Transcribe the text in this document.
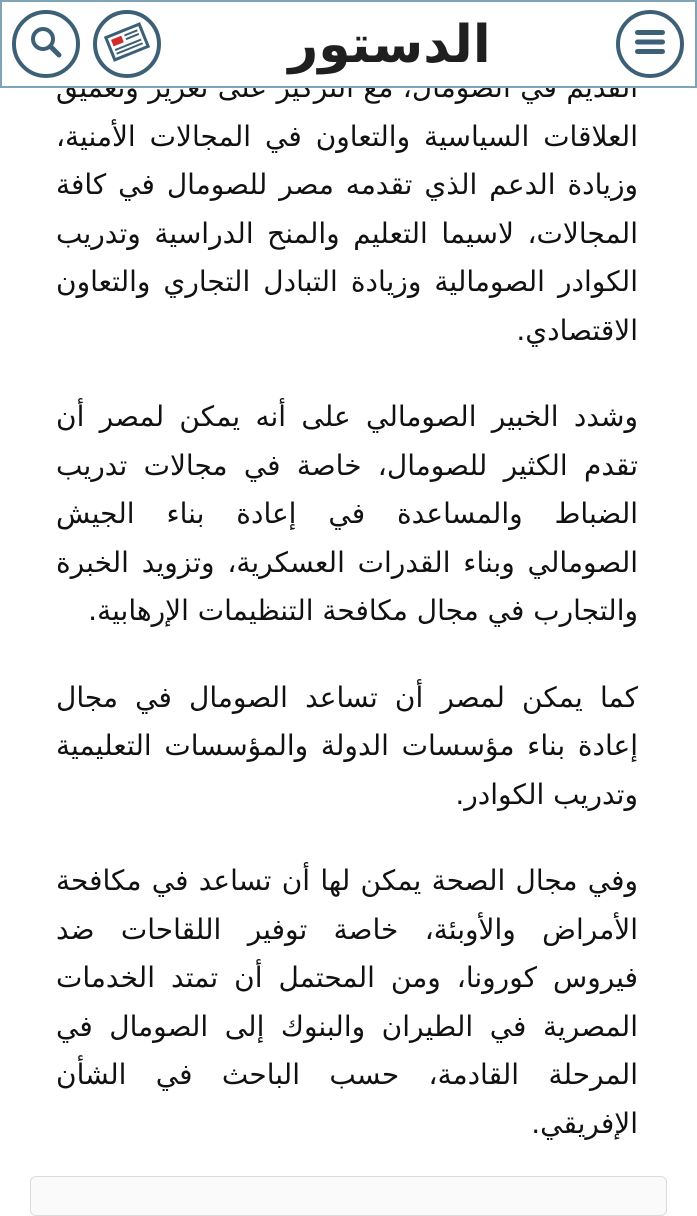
الدستور

العلاقات السياسية والتعاون في المجالات الأمنية، وزيادة الدعم الذي تقدمه مصر للصومال في كافة المجالات، لاسيما التعليم والمنح الدراسية وتدريب الكوادر الصومالية وزيادة التبادل التجاري والتعاون الاقتصادي.

وشدد الخبير الصومالي على أنه يمكن لمصر أن تقدم الكثير للصومال، خاصة في مجالات تدريب الضباط والمساعدة في إعادة بناء الجيش الصومالي وبناء القدرات العسكرية، وتزويد الخبرة والتجارب في مجال مكافحة التنظيمات الإرهابية.

كما يمكن لمصر أن تساعد الصومال في مجال إعادة بناء مؤسسات الدولة والمؤسسات التعليمية وتدريب الكوادر.

وفي مجال الصحة يمكن لها أن تساعد في مكافحة الأمراض والأوبئة، خاصة توفير اللقاحات ضد فيروس كورونا، ومن المحتمل أن تمتد الخدمات المصرية في الطيران والبنوك إلى الصومال في المرحلة القادمة، حسب الباحث في الشأن الإفريقي.
